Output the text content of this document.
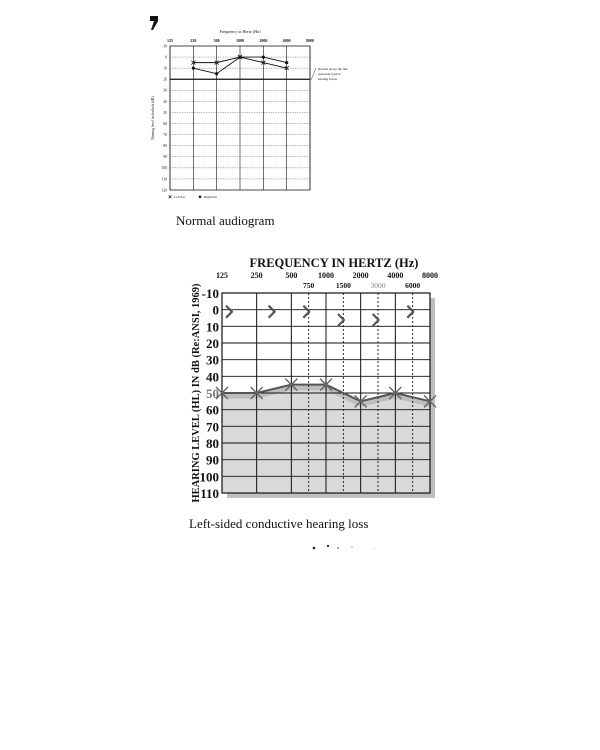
Frequency in Hertz (Hz)
125	250	500	1000	2000	4000	8000
-10
0
10
20
30
40
50
60
70
80
90
100
110
120
Hearing level in decibels (dB)
Results above the line
represent typical
hearing levels
Left Ear	Right Ear
Normal audiogram
FREQUENCY IN HERTZ (Hz)
125	250	500	1000 2000 4000 8000
750	1500	3000	6000
-10
0
10
20
30
40
50
60
70
80
90
100
110
HEARING LEVEL (HL) IN dB (Re:ANSI, 1969)
Left-sided conductive hearing loss
